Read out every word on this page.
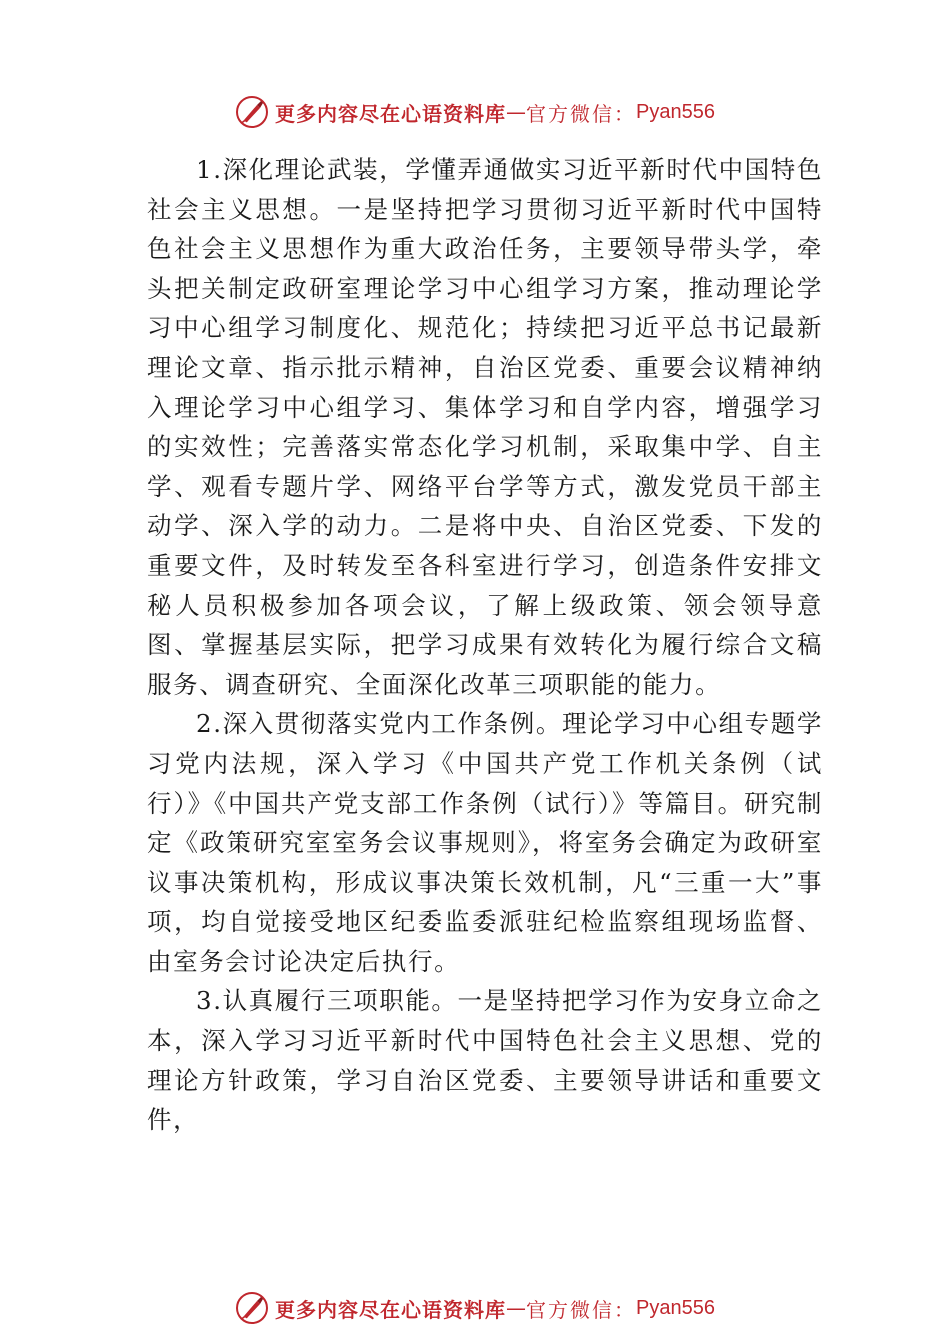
更多内容尽在心语资料库 — 官方微信： Pyan556

1.深化理论武装，学懂弄通做实习近平新时代中国特色社会主义思想。一是坚持把学习贯彻习近平新时代中国特色社会主义思想作为重大政治任务，主要领导带头学，牵头把关制定政研室理论学习中心组学习方案，推动理论学习中心组学习制度化、规范化；持续把习近平总书记最新理论文章、指示批示精神，自治区党委、重要会议精神纳入理论学习中心组学习、集体学习和自学内容，增强学习的实效性；完善落实常态化学习机制，采取集中学、自主学、观看专题片学、网络平台学等方式，激发党员干部主动学、深入学的动力。二是将中央、自治区党委、下发的重要文件，及时转发至各科室进行学习，创造条件安排文秘人员积极参加各项会议，了解上级政策、领会领导意图、掌握基层实际，把学习成果有效转化为履行综合文稿服务、调查研究、全面深化改革三项职能的能力。

2.深入贯彻落实党内工作条例。理论学习中心组专题学习党内法规，深入学习《中国共产党工作机关条例（试行）》《中国共产党支部工作条例（试行）》等篇目。研究制定《政策研究室室务会议事规则》，将室务会确定为政研室议事决策机构，形成议事决策长效机制，凡“三重一大”事项，均自觉接受地区纪委监委派驻纪检监察组现场监督、由室务会讨论决定后执行。

3.认真履行三项职能。一是坚持把学习作为安身立命之本，深入学习习近平新时代中国特色社会主义思想、党的理论方针政策，学习自治区党委、主要领导讲话和重要文件，

更多内容尽在心语资料库 — 官方微信： Pyan556
